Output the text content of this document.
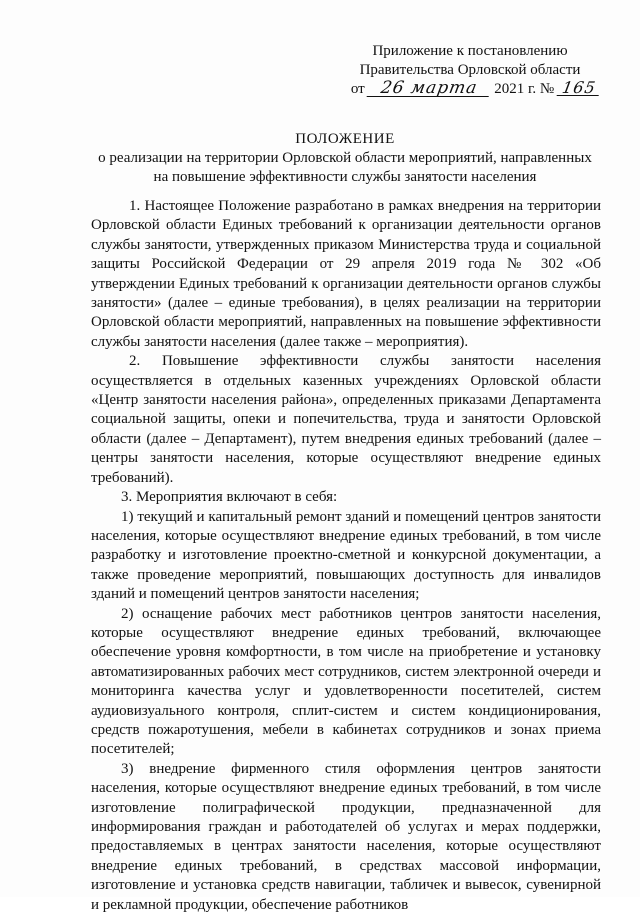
Приложение к постановлению
Правительства Орловской области
от 26 марта 2021 г. № 165
ПОЛОЖЕНИЕ
о реализации на территории Орловской области мероприятий, направленных
на повышение эффективности службы занятости населения

1. Настоящее Положение разработано в рамках внедрения на территории Орловской области Единых требований к организации деятельности органов службы занятости, утвержденных приказом Министерства труда и социальной защиты Российской Федерации от 29 апреля 2019 года № 302 «Об утверждении Единых требований к организации деятельности органов службы занятости» (далее – единые требования), в целях реализации на территории Орловской области мероприятий, направленных на повышение эффективности службы занятости населения (далее также – мероприятия).

2. Повышение эффективности службы занятости населения осуществляется в отдельных казенных учреждениях Орловской области «Центр занятости населения района», определенных приказами Департамента социальной защиты, опеки и попечительства, труда и занятости Орловской области (далее – Департамент), путем внедрения единых требований (далее – центры занятости населения, которые осуществляют внедрение единых требований).

3. Мероприятия включают в себя:

1) текущий и капитальный ремонт зданий и помещений центров занятости населения, которые осуществляют внедрение единых требований, в том числе разработку и изготовление проектно-сметной и конкурсной документации, а также проведение мероприятий, повышающих доступность для инвалидов зданий и помещений центров занятости населения;

2) оснащение рабочих мест работников центров занятости населения, которые осуществляют внедрение единых требований, включающее обеспечение уровня комфортности, в том числе на приобретение и установку автоматизированных рабочих мест сотрудников, систем электронной очереди и мониторинга качества услуг и удовлетворенности посетителей, систем аудиовизуального контроля, сплит-систем и систем кондиционирования, средств пожаротушения, мебели в кабинетах сотрудников и зонах приема посетителей;

3) внедрение фирменного стиля оформления центров занятости населения, которые осуществляют внедрение единых требований, в том числе изготовление полиграфической продукции, предназначенной для информирования граждан и работодателей об услугах и мерах поддержки, предоставляемых в центрах занятости населения, которые осуществляют внедрение единых требований, в средствах массовой информации, изготовление и установка средств навигации, табличек и вывесок, сувенирной и рекламной продукции, обеспечение работников
